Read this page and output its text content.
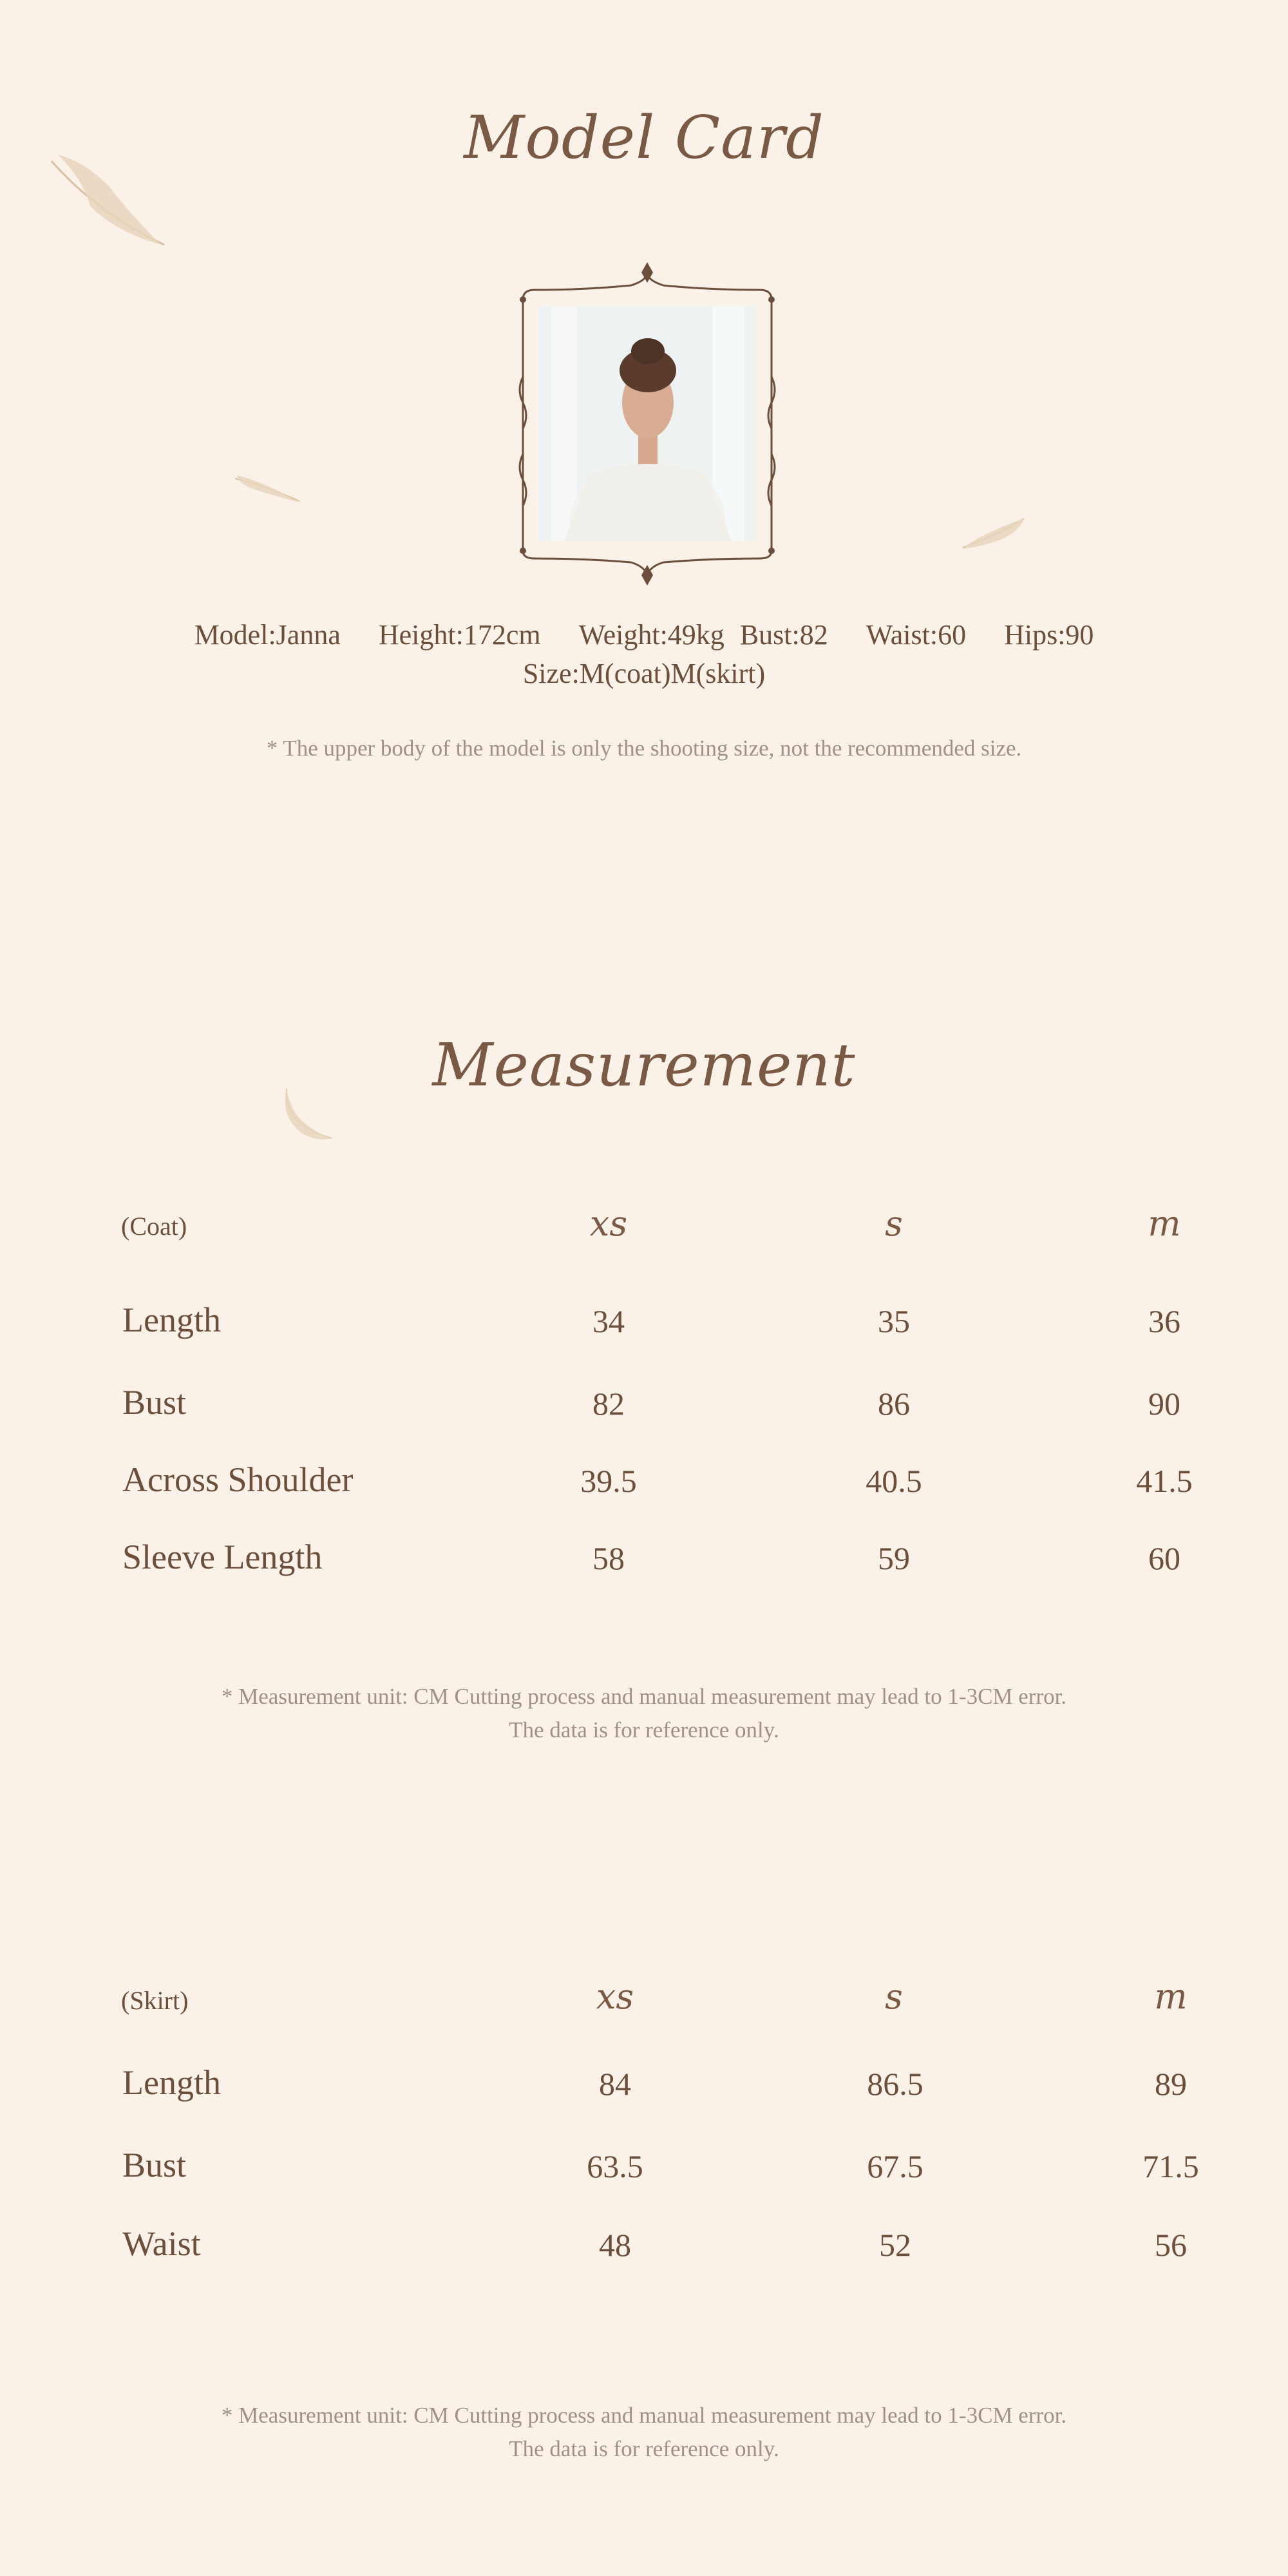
Model Card
Model:Janna Height:172cm Weight:49kg Bust:82 Waist:60 Hips:90
Size:M(coat)M(skirt)
* The upper body of the model is only the shooting size, not the recommended size.
Measurement
(Coat)	xs	s	m
Length	34	35	36
Bust	82	86	90
Across Shoulder	39.5	40.5	41.5
Sleeve Length	58	59	60
* Measurement unit: CM Cutting process and manual measurement may lead to 1-3CM error.
The data is for reference only.
(Skirt)	xs	s	m
Length	84	86.5	89
Bust	63.5	67.5	71.5
Waist	48	52	56
* Measurement unit: CM Cutting process and manual measurement may lead to 1-3CM error.
The data is for reference only.
